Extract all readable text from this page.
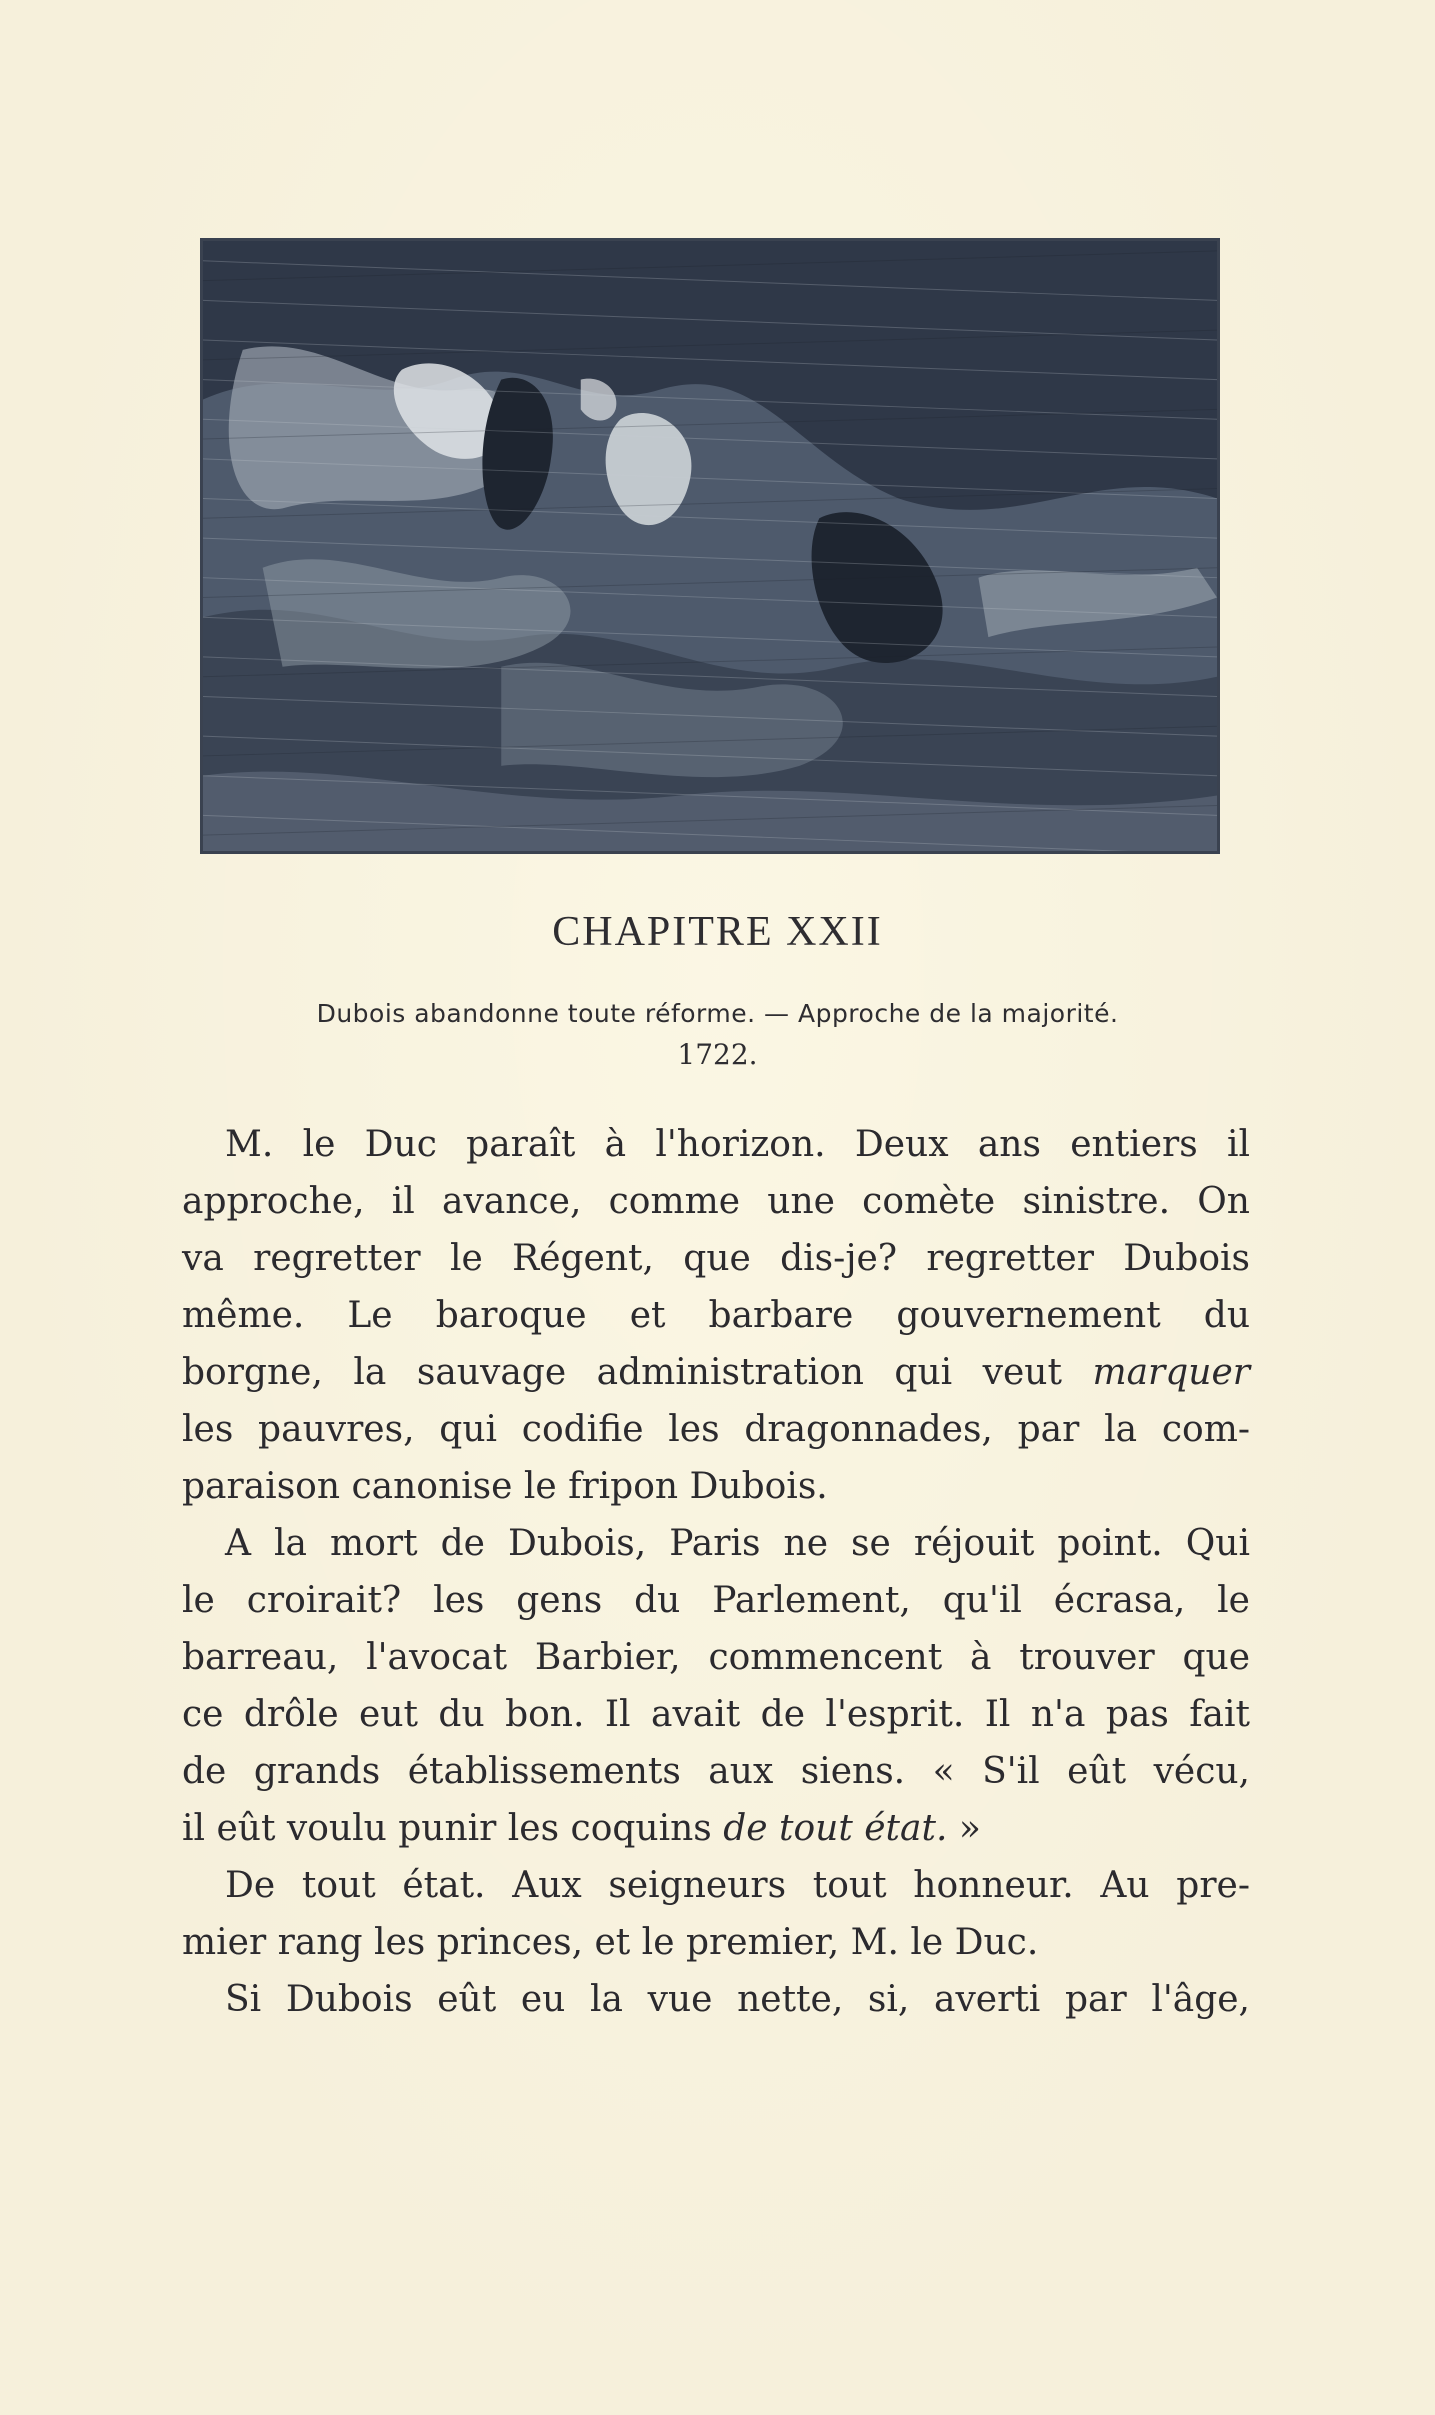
CHAPITRE XXII
Dubois abandonne toute réforme. — Approche de la majorité.
1722.
M. le Duc paraît à l'horizon. Deux ans entiers il
approche, il avance, comme une comète sinistre. On
va regretter le Régent, que dis-je? regretter Dubois
même. Le baroque et barbare gouvernement du
borgne, la sauvage administration qui veut marquer
les pauvres, qui codifie les dragonnades, par la com-
paraison canonise le fripon Dubois.
A la mort de Dubois, Paris ne se réjouit point. Qui
le croirait? les gens du Parlement, qu'il écrasa, le
barreau, l'avocat Barbier, commencent à trouver que
ce drôle eut du bon. Il avait de l'esprit. Il n'a pas fait
de grands établissements aux siens. « S'il eût vécu,
il eût voulu punir les coquins de tout état. »
De tout état. Aux seigneurs tout honneur. Au pre-
mier rang les princes, et le premier, M. le Duc.
Si Dubois eût eu la vue nette, si, averti par l'âge,
